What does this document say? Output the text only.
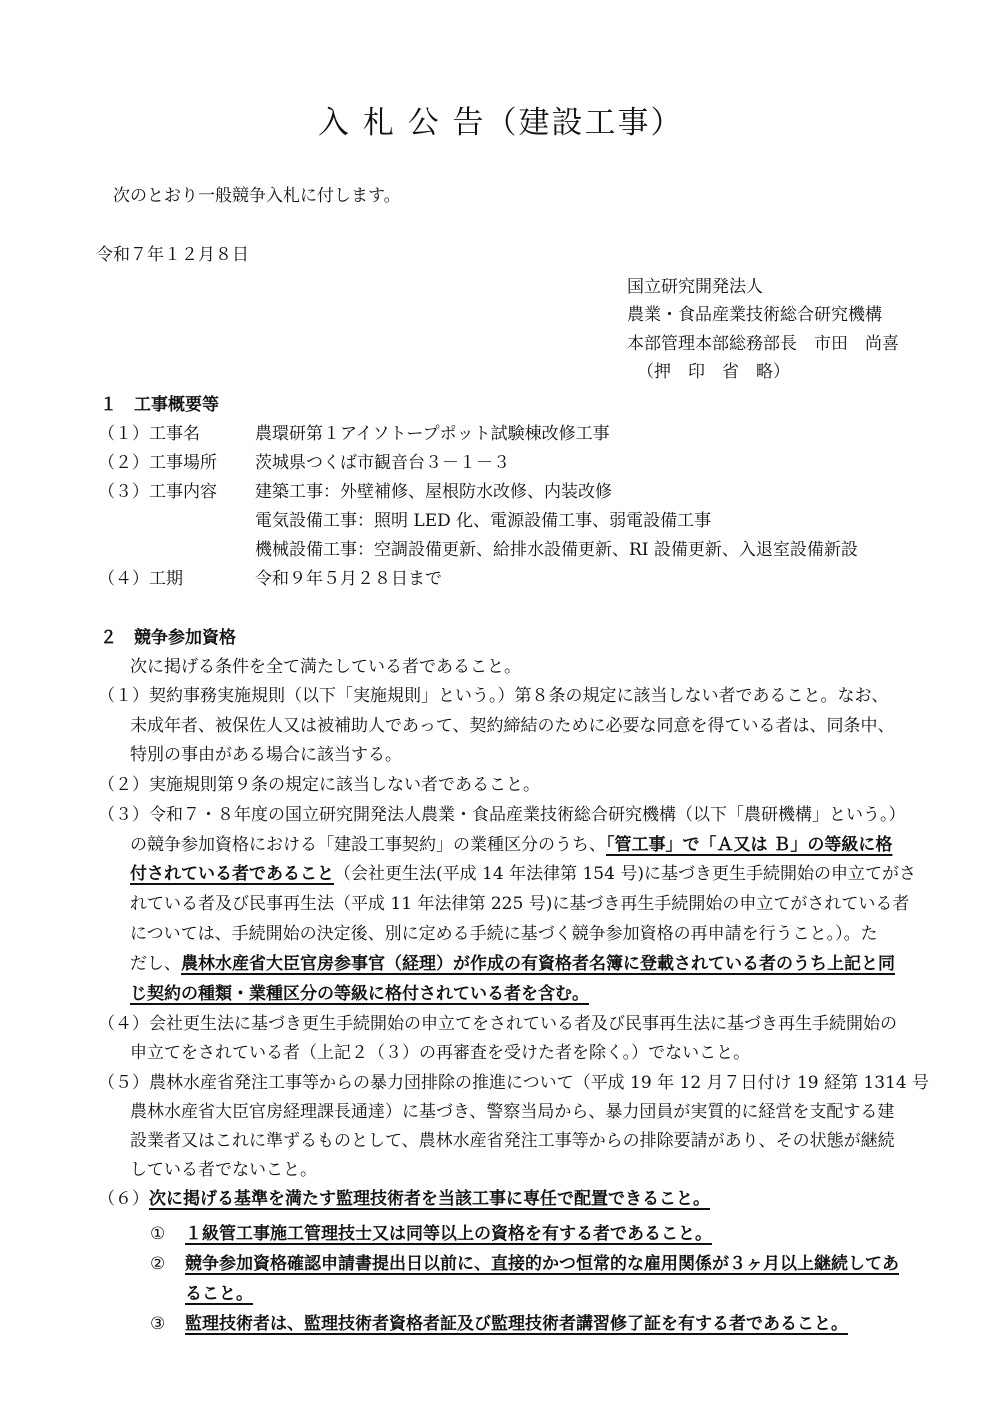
入 札 公 告（建設工事）
次のとおり一般競争入札に付します。
令和７年１２月８日
国立研究開発法人
農業・食品産業技術総合研究機構
本部管理本部総務部長　市田　尚喜
（押　印　省　略）
１　工事概要等
（１）工事名	農環研第１アイソトープポット試験棟改修工事
（２）工事場所 茨城県つくば市観音台３－１－３
（３）工事内容 建築工事：外壁補修、屋根防水改修、内装改修
電気設備工事：照明 LED 化、電源設備工事、弱電設備工事
機械設備工事：空調設備更新、給排水設備更新、RI 設備更新、入退室設備新設
（４）工期	令和９年５月２８日まで
２　競争参加資格
次に掲げる条件を全て満たしている者であること。
（１）契約事務実施規則（以下「実施規則」という。）第８条の規定に該当しない者であること。なお、
未成年者、被保佐人又は被補助人であって、契約締結のために必要な同意を得ている者は、同条中、
特別の事由がある場合に該当する。
（２）実施規則第９条の規定に該当しない者であること。
（３）令和７・８年度の国立研究開発法人農業・食品産業技術総合研究機構（以下「農研機構」という。）
の競争参加資格における「建設工事契約」の業種区分のうち、「管工事」で「Ａ又は Ｂ」の等級に格
付されている者であること（会社更生法(平成 14 年法律第 154 号)に基づき更生手続開始の申立てがさ
れている者及び民事再生法（平成 11 年法律第 225 号)に基づき再生手続開始の申立てがされている者
については、手続開始の決定後、別に定める手続に基づく競争参加資格の再申請を行うこと。）。た
だし、農林水産省大臣官房参事官（経理）が作成の有資格者名簿に登載されている者のうち上記と同
じ契約の種類・業種区分の等級に格付されている者を含む。
（４）会社更生法に基づき更生手続開始の申立てをされている者及び民事再生法に基づき再生手続開始の
申立てをされている者（上記２（３）の再審査を受けた者を除く。）でないこと。
（５）農林水産省発注工事等からの暴力団排除の推進について（平成 19 年 12 月７日付け 19 経第 1314 号
農林水産省大臣官房経理課長通達）に基づき、警察当局から、暴力団員が実質的に経営を支配する建
設業者又はこれに準ずるものとして、農林水産省発注工事等からの排除要請があり、その状態が継続
している者でないこと。
（６）次に掲げる基準を満たす監理技術者を当該工事に専任で配置できること。
① １級管工事施工管理技士又は同等以上の資格を有する者であること。
② 競争参加資格確認申請書提出日以前に、直接的かつ恒常的な雇用関係が３ヶ月以上継続してあ
ること。
③ 監理技術者は、監理技術者資格者証及び監理技術者講習修了証を有する者であること。
